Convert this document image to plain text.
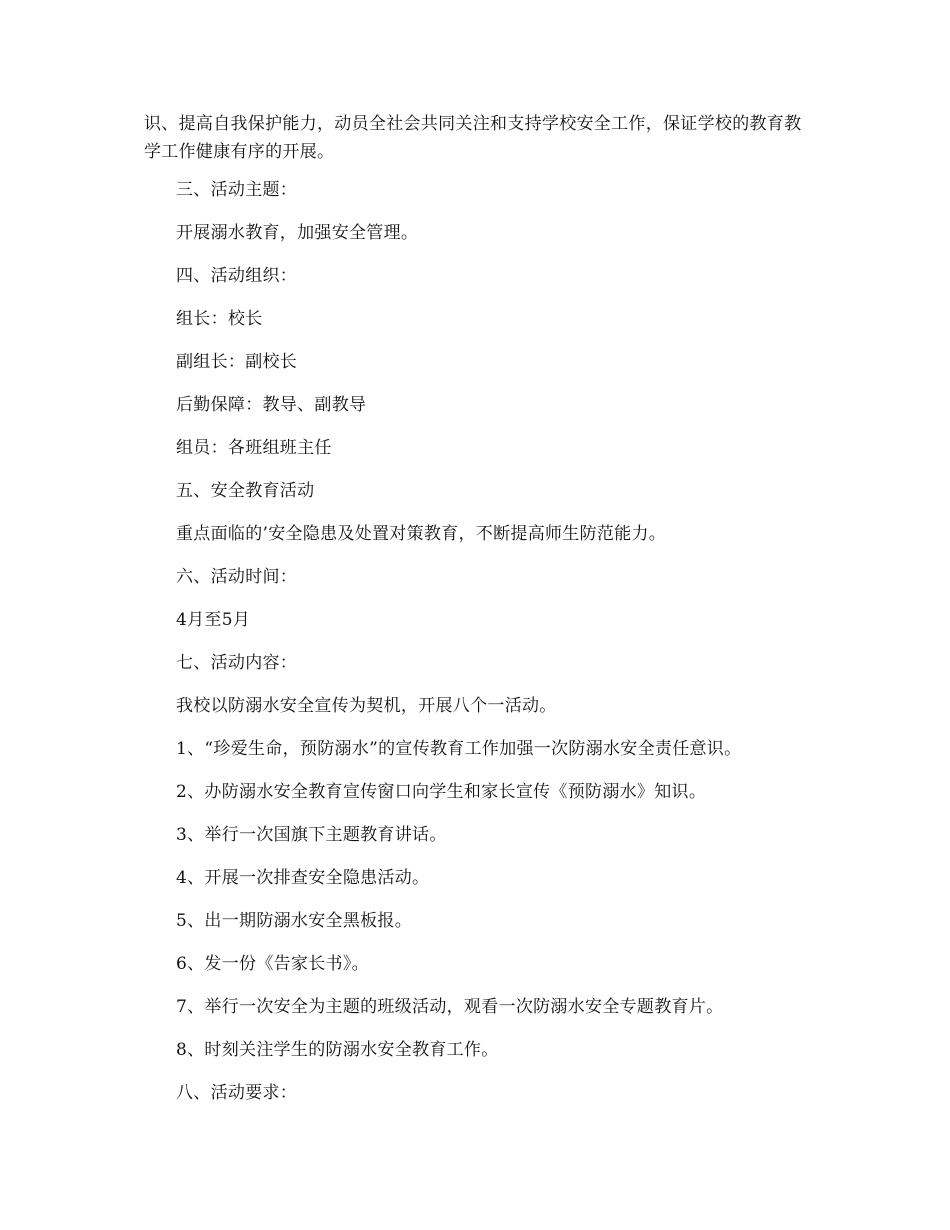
识、提高自我保护能力，动员全社会共同关注和支持学校安全工作，保证学校的教育教学工作健康有序的开展。
三、活动主题：
开展溺水教育，加强安全管理。
四、活动组织：
组长：校长
副组长：副校长
后勤保障：教导、副教导
组员：各班组班主任
五、安全教育活动
重点面临的’安全隐患及处置对策教育，不断提高师生防范能力。
六、活动时间：
4月至5月
七、活动内容：
我校以防溺水安全宣传为契机，开展八个一活动。
1、“珍爱生命，预防溺水”的宣传教育工作加强一次防溺水安全责任意识。
2、办防溺水安全教育宣传窗口向学生和家长宣传《预防溺水》知识。
3、举行一次国旗下主题教育讲话。
4、开展一次排查安全隐患活动。
5、出一期防溺水安全黑板报。
6、发一份《告家长书》。
7、举行一次安全为主题的班级活动，观看一次防溺水安全专题教育片。
8、时刻关注学生的防溺水安全教育工作。
八、活动要求：
